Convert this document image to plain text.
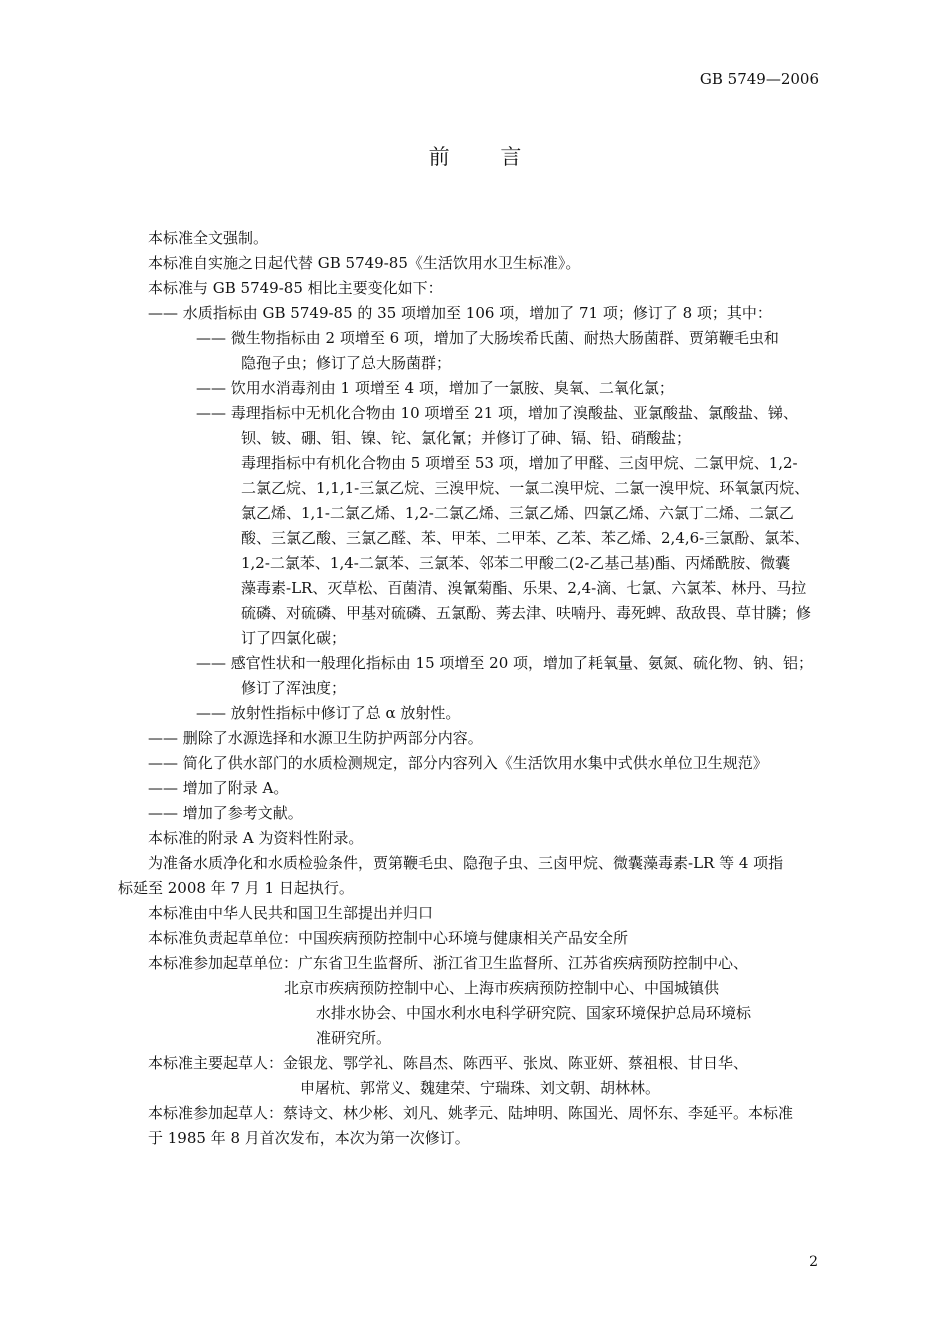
GB 5749—2006
前 言
本标准全文强制。
本标准自实施之日起代替 GB 5749-85《生活饮用水卫生标准》。
本标准与 GB 5749-85 相比主要变化如下：
—— 水质指标由 GB 5749-85 的 35 项增加至 106 项，增加了 71 项；修订了 8 项；其中：
—— 微生物指标由 2 项增至 6 项，增加了大肠埃希氏菌、耐热大肠菌群、贾第鞭毛虫和
隐孢子虫；修订了总大肠菌群；
—— 饮用水消毒剂由 1 项增至 4 项，增加了一氯胺、臭氧、二氧化氯；
—— 毒理指标中无机化合物由 10 项增至 21 项，增加了溴酸盐、亚氯酸盐、氯酸盐、锑、
钡、铍、硼、钼、镍、铊、氯化氰；并修订了砷、镉、铅、硝酸盐；
毒理指标中有机化合物由 5 项增至 53 项，增加了甲醛、三卤甲烷、二氯甲烷、1,2-
二氯乙烷、1,1,1-三氯乙烷、三溴甲烷、一氯二溴甲烷、二氯一溴甲烷、环氧氯丙烷、
氯乙烯、1,1-二氯乙烯、1,2-二氯乙烯、三氯乙烯、四氯乙烯、六氯丁二烯、二氯乙
酸、三氯乙酸、三氯乙醛、苯、甲苯、二甲苯、乙苯、苯乙烯、2,4,6-三氯酚、氯苯、
1,2-二氯苯、1,4-二氯苯、三氯苯、邻苯二甲酸二(2-乙基己基)酯、丙烯酰胺、微囊
藻毒素-LR、灭草松、百菌清、溴氰菊酯、乐果、2,4-滴、七氯、六氯苯、林丹、马拉
硫磷、对硫磷、甲基对硫磷、五氯酚、莠去津、呋喃丹、毒死蜱、敌敌畏、草甘膦；修
订了四氯化碳；
—— 感官性状和一般理化指标由 15 项增至 20 项，增加了耗氧量、氨氮、硫化物、钠、铝；
修订了浑浊度；
—— 放射性指标中修订了总 α 放射性。
—— 删除了水源选择和水源卫生防护两部分内容。
—— 简化了供水部门的水质检测规定，部分内容列入《生活饮用水集中式供水单位卫生规范》
—— 增加了附录 A。
—— 增加了参考文献。
本标准的附录 A 为资料性附录。
为准备水质净化和水质检验条件，贾第鞭毛虫、隐孢子虫、三卤甲烷、微囊藻毒素-LR 等 4 项指
标延至 2008 年 7 月 1 日起执行。
本标准由中华人民共和国卫生部提出并归口
本标准负责起草单位：中国疾病预防控制中心环境与健康相关产品安全所
本标准参加起草单位：广东省卫生监督所、浙江省卫生监督所、江苏省疾病预防控制中心、
北京市疾病预防控制中心、上海市疾病预防控制中心、中国城镇供
水排水协会、中国水利水电科学研究院、国家环境保护总局环境标
准研究所。
本标准主要起草人：金银龙、鄂学礼、陈昌杰、陈西平、张岚、陈亚妍、蔡祖根、甘日华、
申屠杭、郭常义、魏建荣、宁瑞珠、刘文朝、胡林林。
本标准参加起草人：蔡诗文、林少彬、刘凡、姚孝元、陆坤明、陈国光、周怀东、李延平。本标准
于 1985 年 8 月首次发布，本次为第一次修订。
2
